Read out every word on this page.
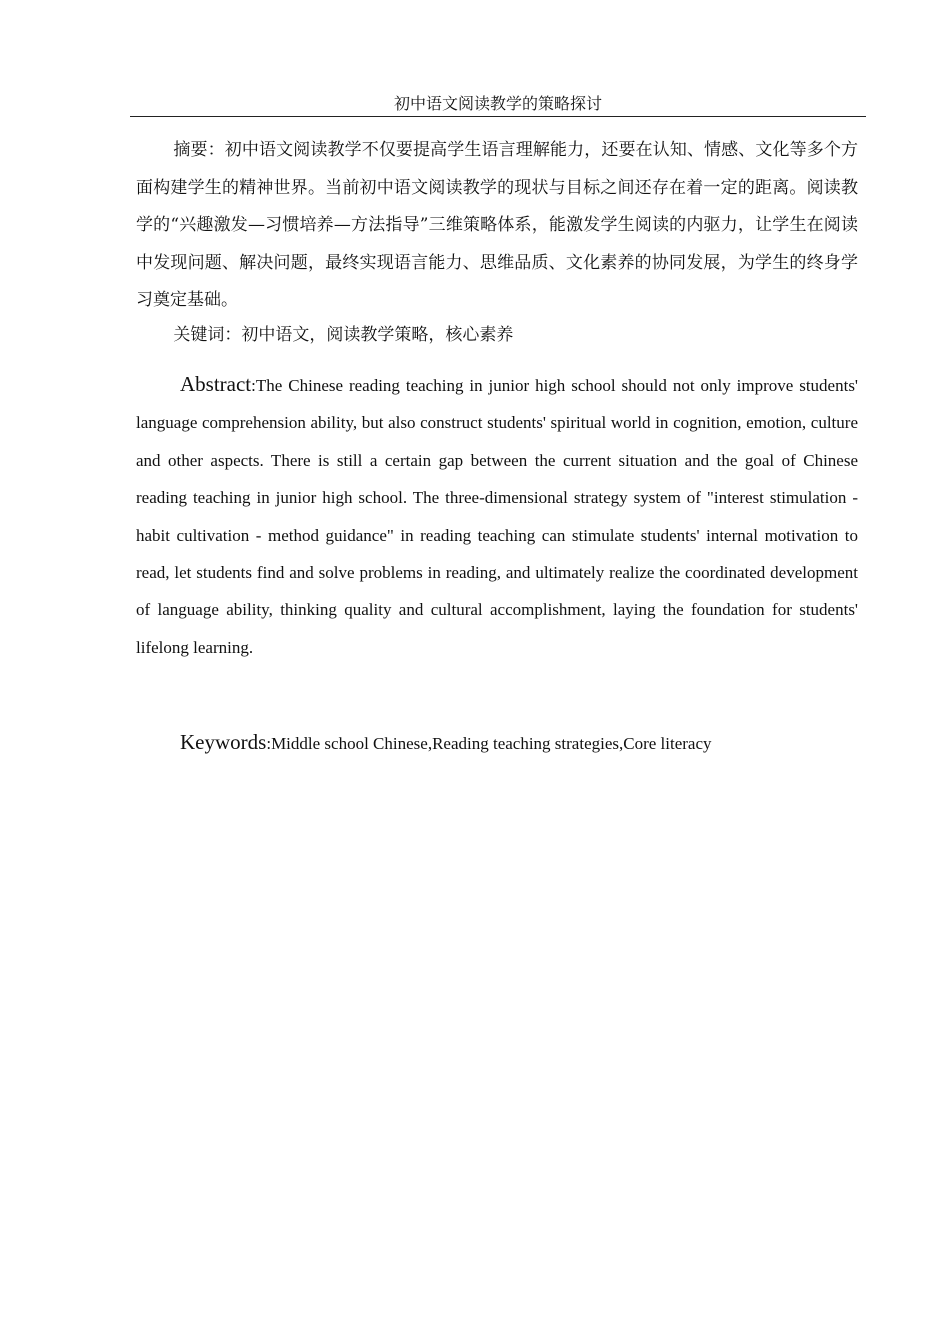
初中语文阅读教学的策略探讨

摘要：初中语文阅读教学不仅要提高学生语言理解能力，还要在认知、情感、文化等多个方面构建学生的精神世界。当前初中语文阅读教学的现状与目标之间还存在着一定的距离。阅读教学的“兴趣激发—习惯培养—方法指导”三维策略体系，能激发学生阅读的内驱力，让学生在阅读中发现问题、解决问题，最终实现语言能力、思维品质、文化素养的协同发展，为学生的终身学习奠定基础。

关键词：初中语文，阅读教学策略，核心素养

Abstract:The Chinese reading teaching in junior high school should not only improve students' language comprehension ability, but also construct students' spiritual world in cognition, emotion, culture and other aspects. There is still a certain gap between the current situation and the goal of Chinese reading teaching in junior high school. The three-dimensional strategy system of "interest stimulation - habit cultivation - method guidance" in reading teaching can stimulate students' internal motivation to read, let students find and solve problems in reading, and ultimately realize the coordinated development of language ability, thinking quality and cultural accomplishment, laying the foundation for students' lifelong learning.

Keywords:Middle school Chinese,Reading teaching strategies,Core literacy
